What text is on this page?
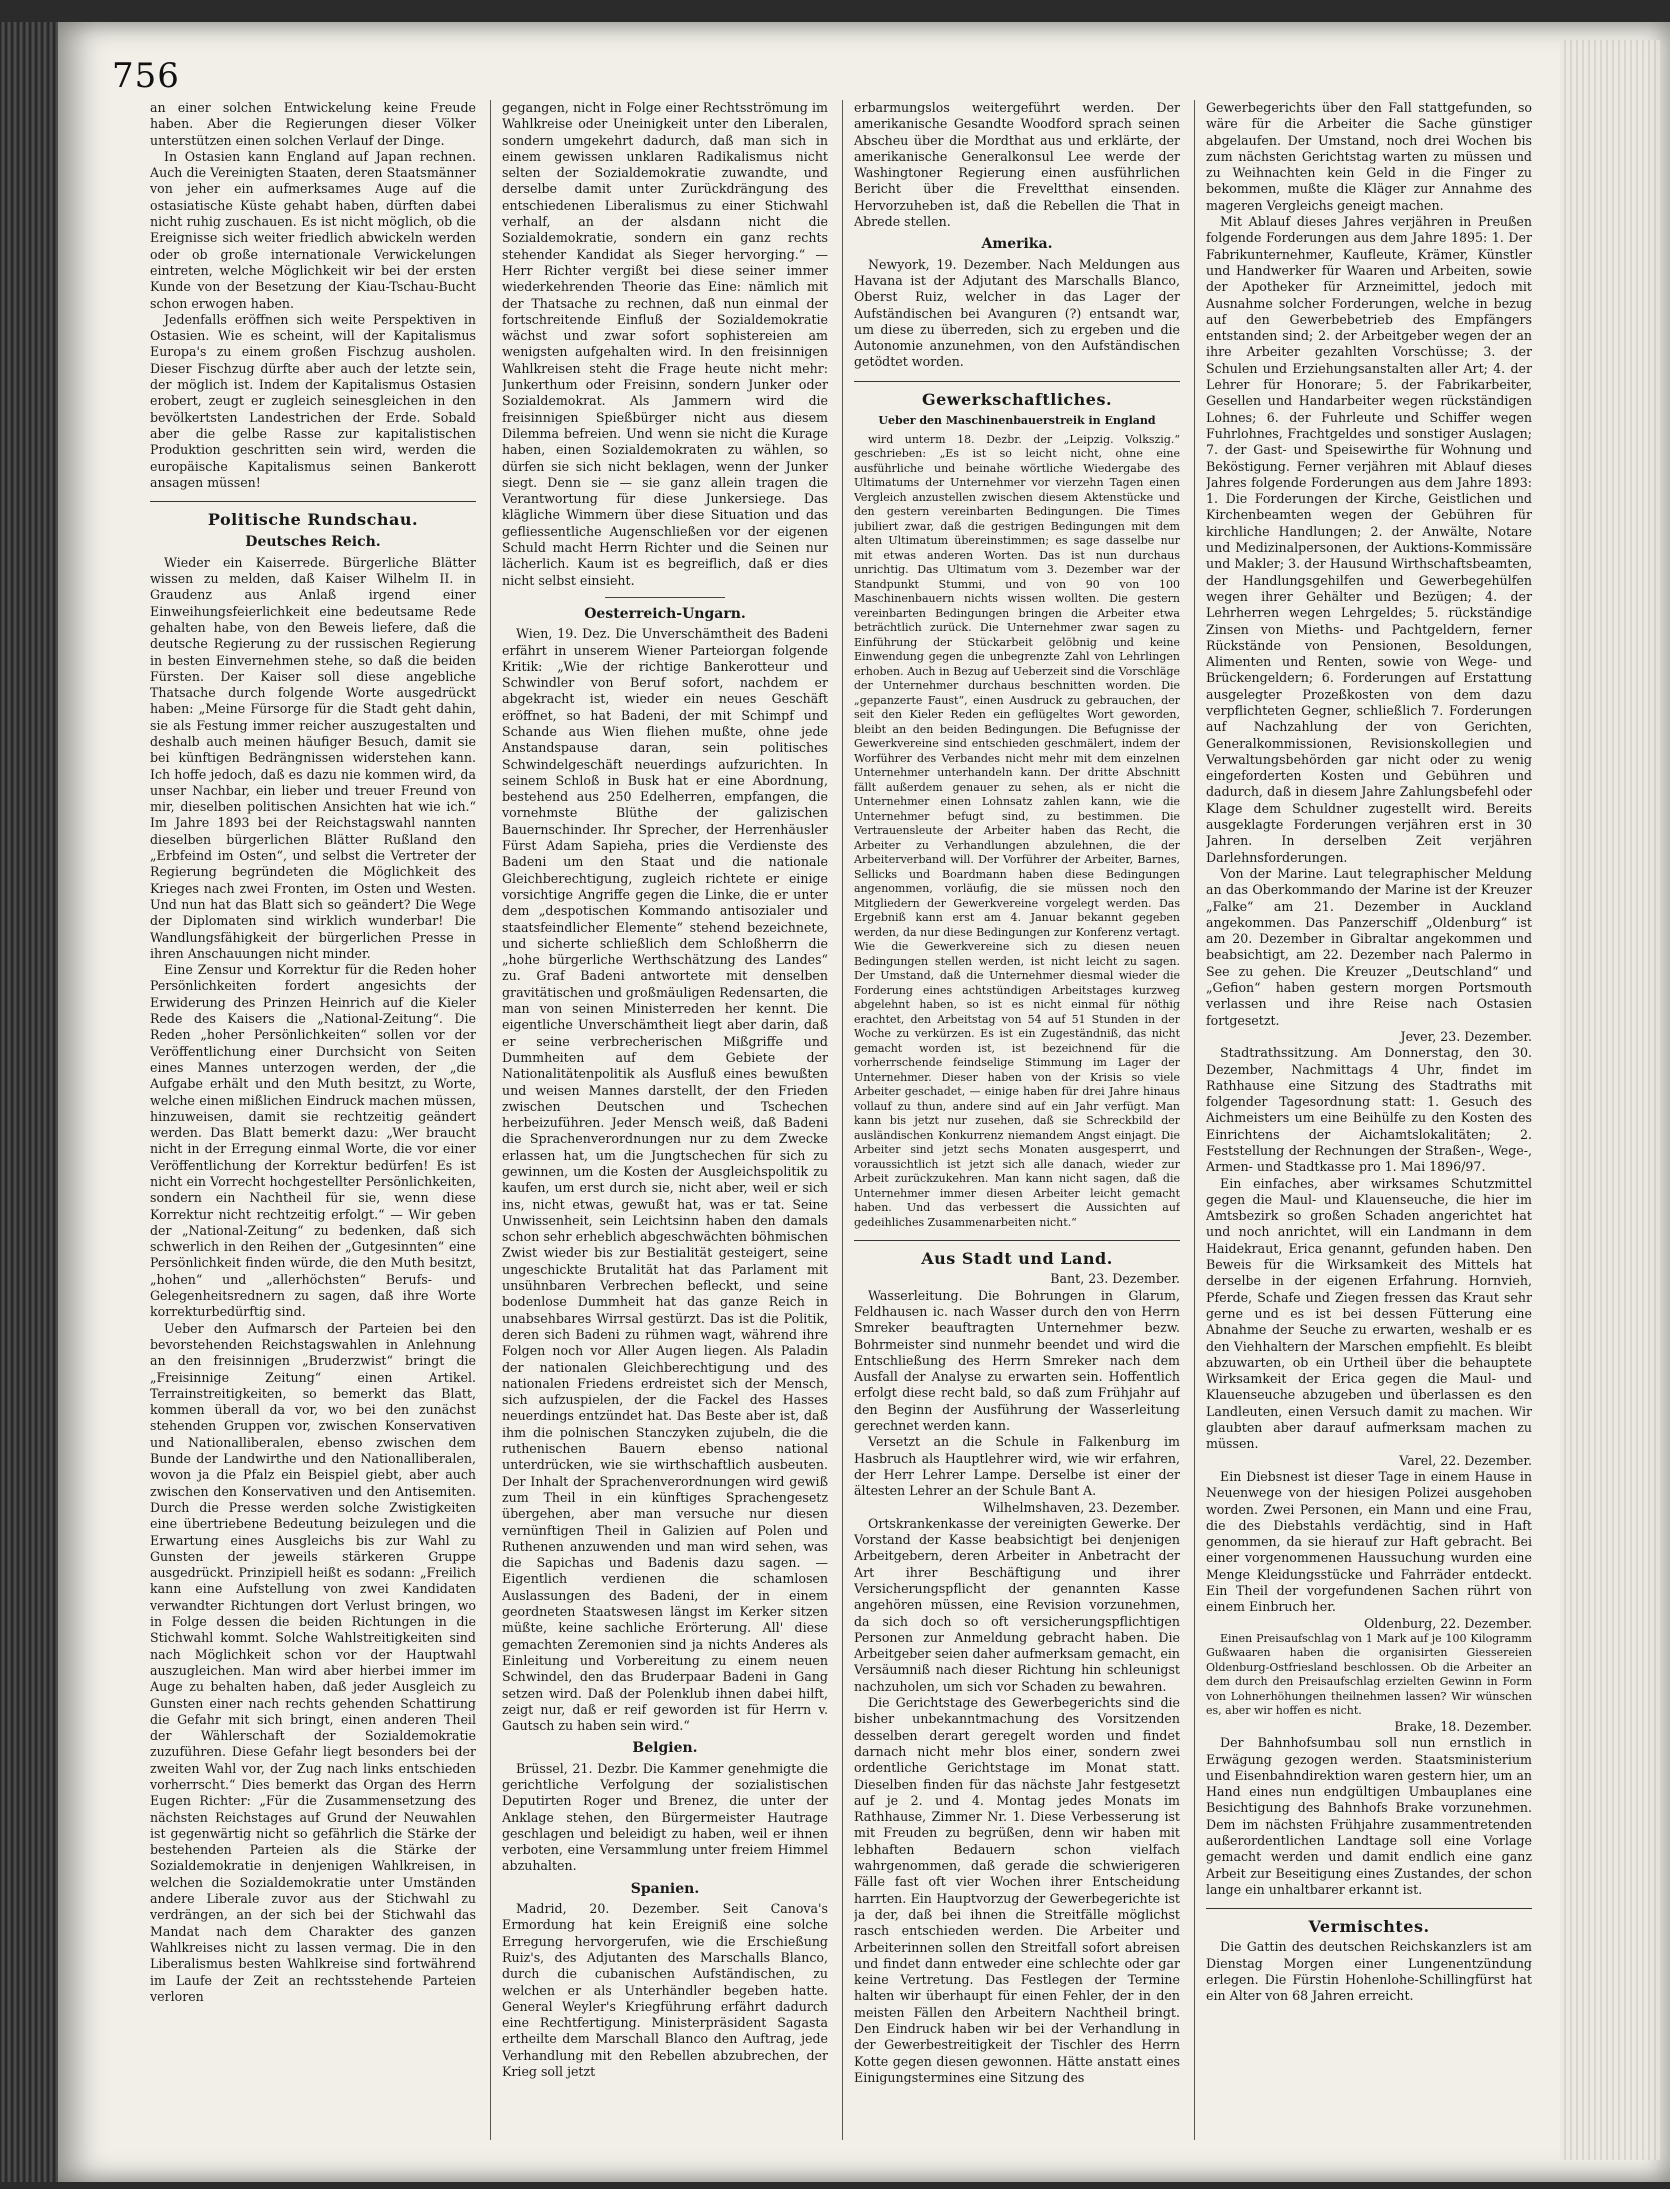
756

an einer solchen Entwickelung keine Freude haben. Aber die Regierungen dieser Völker unterstützen einen solchen Verlauf der Dinge.

In Ostasien kann England auf Japan rechnen. Auch die Vereinigten Staaten, deren Staatsmänner von jeher ein aufmerksames Auge auf die ostasiatische Küste gehabt haben, dürften dabei nicht ruhig zuschauen. Es ist nicht möglich, ob die Ereignisse sich weiter friedlich abwickeln werden oder ob große internationale Verwickelungen eintreten, welche Möglichkeit wir bei der ersten Kunde von der Besetzung der Kiau-Tschau-Bucht schon erwogen haben.

Jedenfalls eröffnen sich weite Perspektiven in Ostasien. Wie es scheint, will der Kapitalismus Europa's zu einem großen Fischzug ausholen. Dieser Fischzug dürfte aber auch der letzte sein, der möglich ist. Indem der Kapitalismus Ostasien erobert, zeugt er zugleich seinesgleichen in den bevölkertsten Landestrichen der Erde. Sobald aber die gelbe Rasse zur kapitalistischen Produktion geschritten sein wird, werden die europäische Kapitalismus seinen Bankerott ansagen müssen!

Politische Rundschau.
Deutsches Reich.

Wieder ein Kaiserrede. Bürgerliche Blätter wissen zu melden, daß Kaiser Wilhelm II. in Graudenz aus Anlaß irgend einer Einweihungsfeierlichkeit eine bedeutsame Rede gehalten habe, von den Beweis liefere, daß die deutsche Regierung zu der russischen Regierung in besten Einvernehmen stehe, so daß die beiden Fürsten. Der Kaiser soll diese angebliche Thatsache durch folgende Worte ausgedrückt haben: „Meine Fürsorge für die Stadt geht dahin, sie als Festung immer reicher auszugestalten und deshalb auch meinen häufiger Besuch, damit sie bei künftigen Bedrängnissen widerstehen kann. Ich hoffe jedoch, daß es dazu nie kommen wird, da unser Nachbar, ein lieber und treuer Freund von mir, dieselben politischen Ansichten hat wie ich.“ Im Jahre 1893 bei der Reichstagswahl nannten dieselben bürgerlichen Blätter Rußland den „Erbfeind im Osten“, und selbst die Vertreter der Regierung begründeten die Möglichkeit des Krieges nach zwei Fronten, im Osten und Westen. Und nun hat das Blatt sich so geändert? Die Wege der Diplomaten sind wirklich wunderbar! Die Wandlungsfähigkeit der bürgerlichen Presse in ihren Anschauungen nicht minder.

Eine Zensur und Korrektur für die Reden hoher Persönlichkeiten fordert angesichts der Erwiderung des Prinzen Heinrich auf die Kieler Rede des Kaisers die „National-Zeitung“. Die Reden „hoher Persönlichkeiten“ sollen vor der Veröffentlichung einer Durchsicht von Seiten eines Mannes unterzogen werden, der „die Aufgabe erhält und den Muth besitzt, zu Worte, welche einen mißlichen Eindruck machen müssen, hinzuweisen, damit sie rechtzeitig geändert werden. Das Blatt bemerkt dazu: „Wer braucht nicht in der Erregung einmal Worte, die vor einer Veröffentlichung der Korrektur bedürfen! Es ist nicht ein Vorrecht hochgestellter Persönlichkeiten, sondern ein Nachtheil für sie, wenn diese Korrektur nicht rechtzeitig erfolgt.“ — Wir geben der „National-Zeitung“ zu bedenken, daß sich schwerlich in den Reihen der „Gutgesinnten“ eine Persönlichkeit finden würde, die den Muth besitzt, „hohen“ und „allerhöchsten“ Berufs- und Gelegenheitsrednern zu sagen, daß ihre Worte korrekturbedürftig sind.

Ueber den Aufmarsch der Parteien bei den bevorstehenden Reichstagswahlen in Anlehnung an den freisinnigen „Bruderzwist“ bringt die „Freisinnige Zeitung“ einen Artikel. Terrainstreitigkeiten, so bemerkt das Blatt, kommen überall da vor, wo bei den zunächst stehenden Gruppen vor, zwischen Konservativen und Nationalliberalen, ebenso zwischen dem Bunde der Landwirthe und den Nationalliberalen, wovon ja die Pfalz ein Beispiel giebt, aber auch zwischen den Konservativen und den Antisemiten. Durch die Presse werden solche Zwistigkeiten eine übertriebene Bedeutung beizulegen und die Erwartung eines Ausgleichs bis zur Wahl zu Gunsten der jeweils stärkeren Gruppe ausgedrückt. Prinzipiell heißt es sodann: „Freilich kann eine Aufstellung von zwei Kandidaten verwandter Richtungen dort Verlust bringen, wo in Folge dessen die beiden Richtungen in die Stichwahl kommt. Solche Wahlstreitigkeiten sind nach Möglichkeit schon vor der Hauptwahl auszugleichen. Man wird aber hierbei immer im Auge zu behalten haben, daß jeder Ausgleich zu Gunsten einer nach rechts gehenden Schattirung die Gefahr mit sich bringt, einen anderen Theil der Wählerschaft der Sozialdemokratie zuzuführen. Diese Gefahr liegt besonders bei der zweiten Wahl vor, der Zug nach links entschieden vorherrscht.“ Dies bemerkt das Organ des Herrn Eugen Richter: „Für die Zusammensetzung des nächsten Reichstages auf Grund der Neuwahlen ist gegenwärtig nicht so gefährlich die Stärke der bestehenden Parteien als die Stärke der Sozialdemokratie in denjenigen Wahlkreisen, in welchen die Sozialdemokratie unter Umständen andere Liberale zuvor aus der Stichwahl zu verdrängen, an der sich bei der Stichwahl das Mandat nach dem Charakter des ganzen Wahlkreises nicht zu lassen vermag. Die in den Liberalismus besten Wahlkreise sind fortwährend im Laufe der Zeit an rechtsstehende Parteien verloren

gegangen, nicht in Folge einer Rechtsströmung im Wahlkreise oder Uneinigkeit unter den Liberalen, sondern umgekehrt dadurch, daß man sich in einem gewissen unklaren Radikalismus nicht selten der Sozialdemokratie zuwandte, und derselbe damit unter Zurückdrängung des entschiedenen Liberalismus zu einer Stichwahl verhalf, an der alsdann nicht die Sozialdemokratie, sondern ein ganz rechts stehender Kandidat als Sieger hervorging.“ — Herr Richter vergißt bei diese seiner immer wiederkehrenden Theorie das Eine: nämlich mit der Thatsache zu rechnen, daß nun einmal der fortschreitende Einfluß der Sozialdemokratie wächst und zwar sofort sophistereien am wenigsten aufgehalten wird. In den freisinnigen Wahlkreisen steht die Frage heute nicht mehr: Junkerthum oder Freisinn, sondern Junker oder Sozialdemokrat. Als Jammern wird die freisinnigen Spießbürger nicht aus diesem Dilemma befreien. Und wenn sie nicht die Kurage haben, einen Sozialdemokraten zu wählen, so dürfen sie sich nicht beklagen, wenn der Junker siegt. Denn sie — sie ganz allein tragen die Verantwortung für diese Junkersiege. Das klägliche Wimmern über diese Situation und das gefliessentliche Augenschließen vor der eigenen Schuld macht Herrn Richter und die Seinen nur lächerlich. Kaum ist es begreiflich, daß er dies nicht selbst einsieht.

Oesterreich-Ungarn.

Wien, 19. Dez. Die Unverschämtheit des Badeni erfährt in unserem Wiener Parteiorgan folgende Kritik: „Wie der richtige Bankerotteur und Schwindler von Beruf sofort, nachdem er abgekracht ist, wieder ein neues Geschäft eröffnet, so hat Badeni, der mit Schimpf und Schande aus Wien fliehen mußte, ohne jede Anstandspause daran, sein politisches Schwindelgeschäft neuerdings aufzurichten. In seinem Schloß in Busk hat er eine Abordnung, bestehend aus 250 Edelherren, empfangen, die vornehmste Blüthe der galizischen Bauernschinder. Ihr Sprecher, der Herrenhäusler Fürst Adam Sapieha, pries die Verdienste des Badeni um den Staat und die nationale Gleichberechtigung, zugleich richtete er einige vorsichtige Angriffe gegen die Linke, die er unter dem „despotischen Kommando antisozialer und staatsfeindlicher Elemente“ stehend bezeichnete, und sicherte schließlich dem Schloßherrn die „hohe bürgerliche Werthschätzung des Landes“ zu. Graf Badeni antwortete mit denselben gravitätischen und großmäuligen Redensarten, die man von seinen Ministerreden her kennt. Die eigentliche Unverschämtheit liegt aber darin, daß er seine verbrecherischen Mißgriffe und Dummheiten auf dem Gebiete der Nationalitätenpolitik als Ausfluß eines bewußten und weisen Mannes darstellt, der den Frieden zwischen Deutschen und Tschechen herbeizuführen. Jeder Mensch weiß, daß Badeni die Sprachenverordnungen nur zu dem Zwecke erlassen hat, um die Jungtschechen für sich zu gewinnen, um die Kosten der Ausgleichspolitik zu kaufen, um erst durch sie, nicht aber, weil er sich ins, nicht etwas, gewußt hat, was er tat. Seine Unwissenheit, sein Leichtsinn haben den damals schon sehr erheblich abgeschwächten böhmischen Zwist wieder bis zur Bestialität gesteigert, seine ungeschickte Brutalität hat das Parlament mit unsühnbaren Verbrechen befleckt, und seine bodenlose Dummheit hat das ganze Reich in unabsehbares Wirrsal gestürzt. Das ist die Politik, deren sich Badeni zu rühmen wagt, während ihre Folgen noch vor Aller Augen liegen. Als Paladin der nationalen Gleichberechtigung und des nationalen Friedens erdreistet sich der Mensch, sich aufzuspielen, der die Fackel des Hasses neuerdings entzündet hat. Das Beste aber ist, daß ihm die polnischen Stanczyken zujubeln, die die ruthenischen Bauern ebenso national unterdrücken, wie sie wirthschaftlich ausbeuten. Der Inhalt der Sprachenverordnungen wird gewiß zum Theil in ein künftiges Sprachengesetz übergehen, aber man versuche nur diesen vernünftigen Theil in Galizien auf Polen und Ruthenen anzuwenden und man wird sehen, was die Sapichas und Badenis dazu sagen. — Eigentlich verdienen die schamlosen Auslassungen des Badeni, der in einem geordneten Staatswesen längst im Kerker sitzen müßte, keine sachliche Erörterung. All' diese gemachten Zeremonien sind ja nichts Anderes als Einleitung und Vorbereitung zu einem neuen Schwindel, den das Bruderpaar Badeni in Gang setzen wird. Daß der Polenklub ihnen dabei hilft, zeigt nur, daß er reif geworden ist für Herrn v. Gautsch zu haben sein wird.“

Belgien.

Brüssel, 21. Dezbr. Die Kammer genehmigte die gerichtliche Verfolgung der sozialistischen Deputirten Roger und Brenez, die unter der Anklage stehen, den Bürgermeister Hautrage geschlagen und beleidigt zu haben, weil er ihnen verboten, eine Versammlung unter freiem Himmel abzuhalten.

Spanien.

Madrid, 20. Dezember. Seit Canova's Ermordung hat kein Ereigniß eine solche Erregung hervorgerufen, wie die Erschießung Ruiz's, des Adjutanten des Marschalls Blanco, durch die cubanischen Aufständischen, zu welchen er als Unterhändler begeben hatte. General Weyler's Kriegführung erfährt dadurch eine Rechtfertigung. Ministerpräsident Sagasta ertheilte dem Marschall Blanco den Auftrag, jede Verhandlung mit den Rebellen abzubrechen, der Krieg soll jetzt

erbarmungslos weitergeführt werden. Der amerikanische Gesandte Woodford sprach seinen Abscheu über die Mordthat aus und erklärte, der amerikanische Generalkonsul Lee werde der Washingtoner Regierung einen ausführlichen Bericht über die Freveltthat einsenden. Hervorzuheben ist, daß die Rebellen die That in Abrede stellen.

Amerika.

Newyork, 19. Dezember. Nach Meldungen aus Havana ist der Adjutant des Marschalls Blanco, Oberst Ruiz, welcher in das Lager der Aufständischen bei Avanguren (?) entsandt war, um diese zu überreden, sich zu ergeben und die Autonomie anzunehmen, von den Aufständischen getödtet worden.

Gewerkschaftliches.
Ueber den Maschinenbauerstreik in England

wird unterm 18. Dezbr. der „Leipzig. Volkszig.“ geschrieben: „Es ist so leicht nicht, ohne eine ausführliche und beinahe wörtliche Wiedergabe des Ultimatums der Unternehmer vor vierzehn Tagen einen Vergleich anzustellen zwischen diesem Aktenstücke und den gestern vereinbarten Bedingungen. Die Times jubiliert zwar, daß die gestrigen Bedingungen mit dem alten Ultimatum übereinstimmen; es sage dasselbe nur mit etwas anderen Worten. Das ist nun durchaus unrichtig. Das Ultimatum vom 3. Dezember war der Standpunkt Stummi, und von 90 von 100 Maschinenbauern nichts wissen wollten. Die gestern vereinbarten Bedingungen bringen die Arbeiter etwa beträchtlich zurück. Die Unternehmer zwar sagen zu Einführung der Stückarbeit gelöbnig und keine Einwendung gegen die unbegrenzte Zahl von Lehrlingen erhoben. Auch in Bezug auf Ueberzeit sind die Vorschläge der Unternehmer durchaus beschnitten worden. Die „gepanzerte Faust“, einen Ausdruck zu gebrauchen, der seit den Kieler Reden ein geflügeltes Wort geworden, bleibt an den beiden Bedingungen. Die Befugnisse der Gewerkvereine sind entschieden geschmälert, indem der Worführer des Verbandes nicht mehr mit dem einzelnen Unternehmer unterhandeln kann. Der dritte Abschnitt fällt außerdem genauer zu sehen, als er nicht die Unternehmer einen Lohnsatz zahlen kann, wie die Unternehmer befugt sind, zu bestimmen. Die Vertrauensleute der Arbeiter haben das Recht, die Arbeiter zu Verhandlungen abzulehnen, die der Arbeiterverband will. Der Vorführer der Arbeiter, Barnes, Sellicks und Boardmann haben diese Bedingungen angenommen, vorläufig, die sie müssen noch den Mitgliedern der Gewerkvereine vorgelegt werden. Das Ergebniß kann erst am 4. Januar bekannt gegeben werden, da nur diese Bedingungen zur Konferenz vertagt. Wie die Gewerkvereine sich zu diesen neuen Bedingungen stellen werden, ist nicht leicht zu sagen. Der Umstand, daß die Unternehmer diesmal wieder die Forderung eines achtstündigen Arbeitstages kurzweg abgelehnt haben, so ist es nicht einmal für nöthig erachtet, den Arbeitstag von 54 auf 51 Stunden in der Woche zu verkürzen. Es ist ein Zugeständniß, das nicht gemacht worden ist, ist bezeichnend für die vorherrschende feindselige Stimmung im Lager der Unternehmer. Dieser haben von der Krisis so viele Arbeiter geschadet, — einige haben für drei Jahre hinaus vollauf zu thun, andere sind auf ein Jahr verfügt. Man kann bis jetzt nur zusehen, daß sie Schreckbild der ausländischen Konkurrenz niemandem Angst einjagt. Die Arbeiter sind jetzt sechs Monaten ausgesperrt, und voraussichtlich ist jetzt sich alle danach, wieder zur Arbeit zurückzukehren. Man kann nicht sagen, daß die Unternehmer immer diesen Arbeiter leicht gemacht haben. Und das verbessert die Aussichten auf gedeihliches Zusammenarbeiten nicht.“

Aus Stadt und Land.

Bant, 23. Dezember.

Wasserleitung. Die Bohrungen in Glarum, Feldhausen ic. nach Wasser durch den von Herrn Smreker beauftragten Unternehmer bezw. Bohrmeister sind nunmehr beendet und wird die Entschließung des Herrn Smreker nach dem Ausfall der Analyse zu erwarten sein. Hoffentlich erfolgt diese recht bald, so daß zum Frühjahr auf den Beginn der Ausführung der Wasserleitung gerechnet werden kann.

Versetzt an die Schule in Falkenburg im Hasbruch als Hauptlehrer wird, wie wir erfahren, der Herr Lehrer Lampe. Derselbe ist einer der ältesten Lehrer an der Schule Bant A.

Wilhelmshaven, 23. Dezember.

Ortskrankenkasse der vereinigten Gewerke. Der Vorstand der Kasse beabsichtigt bei denjenigen Arbeitgebern, deren Arbeiter in Anbetracht der Art ihrer Beschäftigung und ihrer Versicherungspflicht der genannten Kasse angehören müssen, eine Revision vorzunehmen, da sich doch so oft versicherungspflichtigen Personen zur Anmeldung gebracht haben. Die Arbeitgeber seien daher aufmerksam gemacht, ein Versäumniß nach dieser Richtung hin schleunigst nachzuholen, um sich vor Schaden zu bewahren.

Die Gerichtstage des Gewerbegerichts sind die bisher unbekanntmachung des Vorsitzenden desselben derart geregelt worden und findet darnach nicht mehr blos einer, sondern zwei ordentliche Gerichtstage im Monat statt. Dieselben finden für das nächste Jahr festgesetzt auf je 2. und 4. Montag jedes Monats im Rathhause, Zimmer Nr. 1. Diese Verbesserung ist mit Freuden zu begrüßen, denn wir haben mit lebhaften Bedauern schon vielfach wahrgenommen, daß gerade die schwierigeren Fälle fast oft vier Wochen ihrer Entscheidung harrten. Ein Hauptvorzug der Gewerbegerichte ist ja der, daß bei ihnen die Streitfälle möglichst rasch entschieden werden. Die Arbeiter und Arbeiterinnen sollen den Streitfall sofort abreisen und findet dann entweder eine schlechte oder gar keine Vertretung. Das Festlegen der Termine halten wir überhaupt für einen Fehler, der in den meisten Fällen den Arbeitern Nachtheil bringt. Den Eindruck haben wir bei der Verhandlung in der Gewerbestreitigkeit der Tischler des Herrn Kotte gegen diesen gewonnen. Hätte anstatt eines Einigungstermines eine Sitzung des

Gewerbegerichts über den Fall stattgefunden, so wäre für die Arbeiter die Sache günstiger abgelaufen. Der Umstand, noch drei Wochen bis zum nächsten Gerichtstag warten zu müssen und zu Weihnachten kein Geld in die Finger zu bekommen, mußte die Kläger zur Annahme des mageren Vergleichs geneigt machen.

Mit Ablauf dieses Jahres verjähren in Preußen folgende Forderungen aus dem Jahre 1895: 1. Der Fabrikunternehmer, Kaufleute, Krämer, Künstler und Handwerker für Waaren und Arbeiten, sowie der Apotheker für Arzneimittel, jedoch mit Ausnahme solcher Forderungen, welche in bezug auf den Gewerbebetrieb des Empfängers entstanden sind; 2. der Arbeitgeber wegen der an ihre Arbeiter gezahlten Vorschüsse; 3. der Schulen und Erziehungsanstalten aller Art; 4. der Lehrer für Honorare; 5. der Fabrikarbeiter, Gesellen und Handarbeiter wegen rückständigen Lohnes; 6. der Fuhrleute und Schiffer wegen Fuhrlohnes, Frachtgeldes und sonstiger Auslagen; 7. der Gast- und Speisewirthe für Wohnung und Beköstigung. Ferner verjähren mit Ablauf dieses Jahres folgende Forderungen aus dem Jahre 1893: 1. Die Forderungen der Kirche, Geistlichen und Kirchenbeamten wegen der Gebühren für kirchliche Handlungen; 2. der Anwälte, Notare und Medizinalpersonen, der Auktions-Kommissäre und Makler; 3. der Hausund Wirthschaftsbeamten, der Handlungsgehilfen und Gewerbegehülfen wegen ihrer Gehälter und Bezügen; 4. der Lehrherren wegen Lehrgeldes; 5. rückständige Zinsen von Mieths- und Pachtgeldern, ferner Rückstände von Pensionen, Besoldungen, Alimenten und Renten, sowie von Wege- und Brückengeldern; 6. Forderungen auf Erstattung ausgelegter Prozeßkosten von dem dazu verpflichteten Gegner, schließlich 7. Forderungen auf Nachzahlung der von Gerichten, Generalkommissionen, Revisionskollegien und Verwaltungsbehörden gar nicht oder zu wenig eingeforderten Kosten und Gebühren und dadurch, daß in diesem Jahre Zahlungsbefehl oder Klage dem Schuldner zugestellt wird. Bereits ausgeklagte Forderungen verjähren erst in 30 Jahren. In derselben Zeit verjähren Darlehnsforderungen.

Von der Marine. Laut telegraphischer Meldung an das Oberkommando der Marine ist der Kreuzer „Falke“ am 21. Dezember in Auckland angekommen. Das Panzerschiff „Oldenburg“ ist am 20. Dezember in Gibraltar angekommen und beabsichtigt, am 22. Dezember nach Palermo in See zu gehen. Die Kreuzer „Deutschland“ und „Gefion“ haben gestern morgen Portsmouth verlassen und ihre Reise nach Ostasien fortgesetzt.

Jever, 23. Dezember.

Stadtrathssitzung. Am Donnerstag, den 30. Dezember, Nachmittags 4 Uhr, findet im Rathhause eine Sitzung des Stadtraths mit folgender Tagesordnung statt: 1. Gesuch des Aichmeisters um eine Beihülfe zu den Kosten des Einrichtens der Aichamtslokalitäten; 2. Feststellung der Rechnungen der Straßen-, Wege-, Armen- und Stadtkasse pro 1. Mai 1896/97.

Ein einfaches, aber wirksames Schutzmittel gegen die Maul- und Klauenseuche, die hier im Amtsbezirk so großen Schaden angerichtet hat und noch anrichtet, will ein Landmann in dem Haidekraut, Erica genannt, gefunden haben. Den Beweis für die Wirksamkeit des Mittels hat derselbe in der eigenen Erfahrung. Hornvieh, Pferde, Schafe und Ziegen fressen das Kraut sehr gerne und es ist bei dessen Fütterung eine Abnahme der Seuche zu erwarten, weshalb er es den Viehhaltern der Marschen empfiehlt. Es bleibt abzuwarten, ob ein Urtheil über die behauptete Wirksamkeit der Erica gegen die Maul- und Klauenseuche abzugeben und überlassen es den Landleuten, einen Versuch damit zu machen. Wir glaubten aber darauf aufmerksam machen zu müssen.

Varel, 22. Dezember.

Ein Diebsnest ist dieser Tage in einem Hause in Neuenwege von der hiesigen Polizei ausgehoben worden. Zwei Personen, ein Mann und eine Frau, die des Diebstahls verdächtig, sind in Haft genommen, da sie hierauf zur Haft gebracht. Bei einer vorgenommenen Haussuchung wurden eine Menge Kleidungsstücke und Fahrräder entdeckt. Ein Theil der vorgefundenen Sachen rührt von einem Einbruch her.

Oldenburg, 22. Dezember.

Einen Preisaufschlag von 1 Mark auf je 100 Kilogramm Gußwaaren haben die organisirten Giessereien Oldenburg-Ostfriesland beschlossen. Ob die Arbeiter an dem durch den Preisaufschlag erzielten Gewinn in Form von Lohnerhöhungen theilnehmen lassen? Wir wünschen es, aber wir hoffen es nicht.

Brake, 18. Dezember.

Der Bahnhofsumbau soll nun ernstlich in Erwägung gezogen werden. Staatsministerium und Eisenbahndirektion waren gestern hier, um an Hand eines nun endgültigen Umbauplanes eine Besichtigung des Bahnhofs Brake vorzunehmen. Dem im nächsten Frühjahre zusammentretenden außerordentlichen Landtage soll eine Vorlage gemacht werden und damit endlich eine ganz Arbeit zur Beseitigung eines Zustandes, der schon lange ein unhaltbarer erkannt ist.

Vermischtes.

Die Gattin des deutschen Reichskanzlers ist am Dienstag Morgen einer Lungenentzündung erlegen. Die Fürstin Hohenlohe-Schillingfürst hat ein Alter von 68 Jahren erreicht.
